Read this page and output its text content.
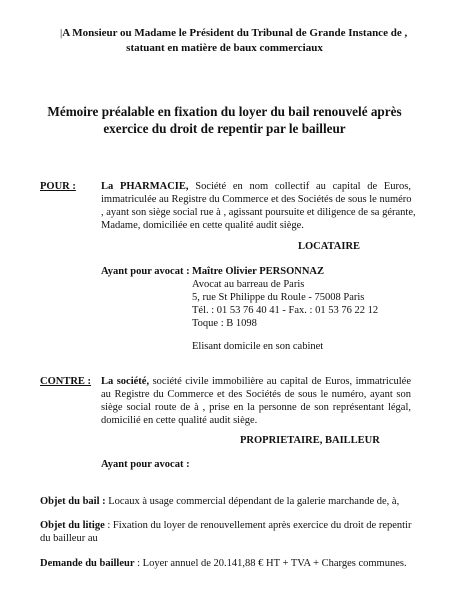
|A Monsieur ou Madame le Président du Tribunal de Grande Instance de ,
statuant en matière de baux commerciaux
Mémoire préalable en fixation du loyer du bail renouvelé après
exercice du droit de repentir par le bailleur
POUR : La PHARMACIE, Société en nom collectif au capital de Euros,
immatriculée au Registre du Commerce et des Sociétés de sous le numéro
, ayant son siège social rue à , agissant poursuite et diligence de sa gérante,
Madame, domiciliée en cette qualité audit siège.
LOCATAIRE
Ayant pour avocat : Maître Olivier PERSONNAZ
Avocat au barreau de Paris
5, rue St Philippe du Roule - 75008 Paris
Tél. : 01 53 76 40 41 - Fax. : 01 53 76 22 12
Toque : B 1098
Elisant domicile en son cabinet
CONTRE : La société, société civile immobilière au capital de Euros, immatriculée
au Registre du Commerce et des Sociétés de sous le numéro, ayant son
siège social route de à , prise en la personne de son représentant légal,
domicilié en cette qualité audit siège.
PROPRIETAIRE, BAILLEUR
Ayant pour avocat :
Objet du bail : Locaux à usage commercial dépendant de la galerie marchande de, à,
Objet du litige : Fixation du loyer de renouvellement après exercice du droit de repentir
du bailleur au
Demande du bailleur : Loyer annuel de 20.141,88 € HT + TVA + Charges communes.
